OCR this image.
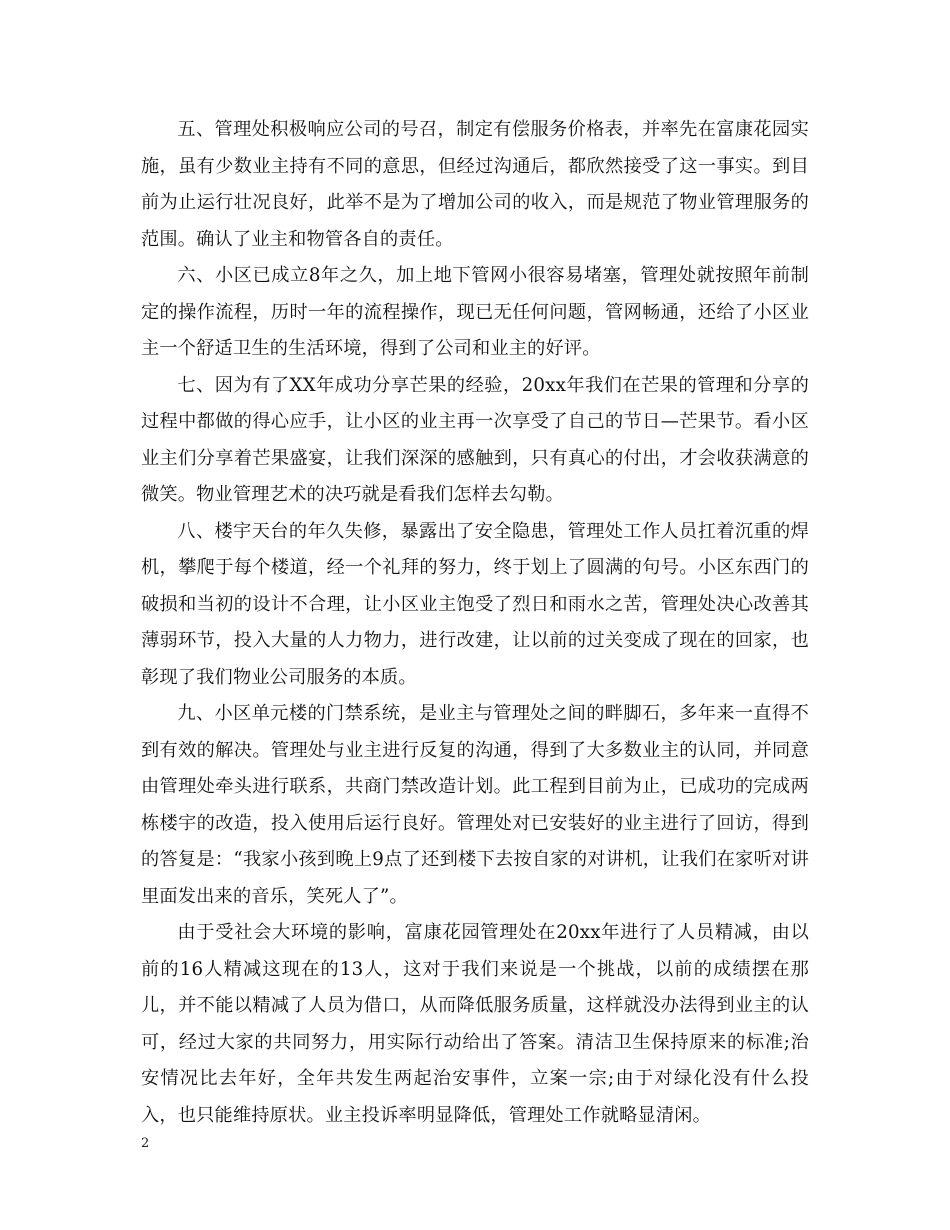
五、管理处积极响应公司的号召，制定有偿服务价格表，并率先在富康花园实施，虽有少数业主持有不同的意思，但经过沟通后，都欣然接受了这一事实。到目前为止运行壮况良好，此举不是为了增加公司的收入，而是规范了物业管理服务的范围。确认了业主和物管各自的责任。

六、小区已成立8年之久，加上地下管网小很容易堵塞，管理处就按照年前制定的操作流程，历时一年的流程操作，现已无任何问题，管网畅通，还给了小区业主一个舒适卫生的生活环境，得到了公司和业主的好评。

七、因为有了XX年成功分享芒果的经验，20xx年我们在芒果的管理和分享的过程中都做的得心应手，让小区的业主再一次享受了自己的节日—芒果节。看小区业主们分享着芒果盛宴，让我们深深的感触到，只有真心的付出，才会收获满意的微笑。物业管理艺术的决巧就是看我们怎样去勾勒。

八、楼宇天台的年久失修，暴露出了安全隐患，管理处工作人员扛着沉重的焊机，攀爬于每个楼道，经一个礼拜的努力，终于划上了圆满的句号。小区东西门的破损和当初的设计不合理，让小区业主饱受了烈日和雨水之苦，管理处决心改善其薄弱环节，投入大量的人力物力，进行改建，让以前的过关变成了现在的回家，也彰现了我们物业公司服务的本质。

九、小区单元楼的门禁系统，是业主与管理处之间的畔脚石，多年来一直得不到有效的解决。管理处与业主进行反复的沟通，得到了大多数业主的认同，并同意由管理处牵头进行联系，共商门禁改造计划。此工程到目前为止，已成功的完成两栋楼宇的改造，投入使用后运行良好。管理处对已安装好的业主进行了回访，得到的答复是：“我家小孩到晚上9点了还到楼下去按自家的对讲机，让我们在家听对讲里面发出来的音乐，笑死人了”。

由于受社会大环境的影响，富康花园管理处在20xx年进行了人员精减，由以前的16人精减这现在的13人，这对于我们来说是一个挑战，以前的成绩摆在那儿，并不能以精减了人员为借口，从而降低服务质量，这样就没办法得到业主的认可，经过大家的共同努力，用实际行动给出了答案。清洁卫生保持原来的标准;治安情况比去年好，全年共发生两起治安事件，立案一宗;由于对绿化没有什么投入，也只能维持原状。业主投诉率明显降低，管理处工作就略显清闲。

2
